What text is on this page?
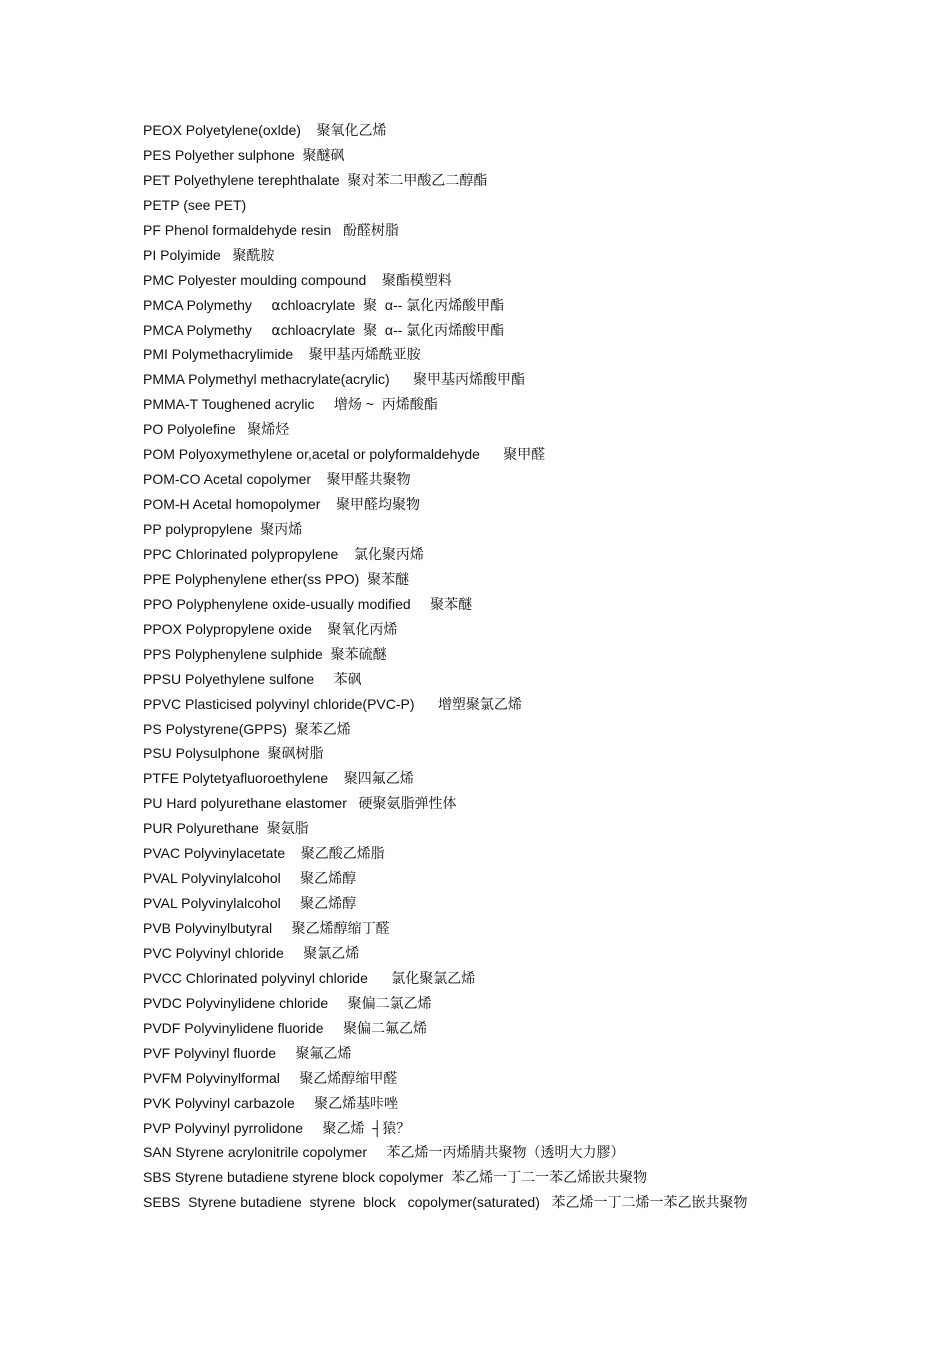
PEOX Polyetylene(oxlde)    聚氧化乙烯
PES Polyether sulphone  聚醚砜
PET Polyethylene terephthalate  聚对苯二甲酸乙二醇酯
PETP (see PET)
PF Phenol formaldehyde resin   酚醛树脂
PI Polyimide   聚酰胺
PMC Polyester moulding compound    聚酯模塑料
PMCA Polymethy     ⍺chloacrylate  聚  α-- 氯化丙烯酸甲酯
PMCA Polymethy     ⍺chloacrylate  聚  α-- 氯化丙烯酸甲酯
PMI Polymethacrylimide    聚甲基丙烯酰亚胺
PMMA Polymethyl methacrylate(acrylic)      聚甲基丙烯酸甲酯
PMMA-T Toughened acrylic     增炀 ~  丙烯酸酯
PO Polyolefine   聚烯烃
POM Polyoxymethylene or,acetal or polyformaldehyde      聚甲醛
POM-CO Acetal copolymer    聚甲醛共聚物
POM-H Acetal homopolymer    聚甲醛均聚物
PP polypropylene  聚丙烯
PPC Chlorinated polypropylene    氯化聚丙烯
PPE Polyphenylene ether(ss PPO)  聚苯醚
PPO Polyphenylene oxide-usually modified     聚苯醚
PPOX Polypropylene oxide    聚氧化丙烯
PPS Polyphenylene sulphide  聚苯硫醚
PPSU Polyethylene sulfone     苯砜
PPVC Plasticised polyvinyl chloride(PVC-P)      增塑聚氯乙烯
PS Polystyrene(GPPS)  聚苯乙烯
PSU Polysulphone  聚砜树脂
PTFE Polytetyafluoroethylene    聚四氟乙烯
PU Hard polyurethane elastomer   硬聚氨脂弹性体
PUR Polyurethane  聚氨脂
PVAC Polyvinylacetate    聚乙酸乙烯脂
PVAL Polyvinylalcohol     聚乙烯醇
PVAL Polyvinylalcohol     聚乙烯醇
PVB Polyvinylbutyral     聚乙烯醇缩丁醛
PVC Polyvinyl chloride     聚氯乙烯
PVCC Chlorinated polyvinyl chloride      氯化聚氯乙烯
PVDC Polyvinylidene chloride     聚偏二氯乙烯
PVDF Polyvinylidene fluoride     聚偏二氟乙烯
PVF Polyvinyl fluorde     聚氟乙烯
PVFM Polyvinylformal     聚乙烯醇缩甲醛
PVK Polyvinyl carbazole     聚乙烯基咔唑
PVP Polyvinyl pyrrolidone     聚乙烯  ┤猿？
SAN Styrene acrylonitrile copolymer     苯乙烯一丙烯腈共聚物（透明大力膠）
SBS Styrene butadiene styrene block copolymer  苯乙烯一丁二一苯乙烯嵌共聚物
SEBS  Styrene butadiene  styrene  block   copolymer(saturated)   苯乙烯一丁二烯一苯乙嵌共聚物
